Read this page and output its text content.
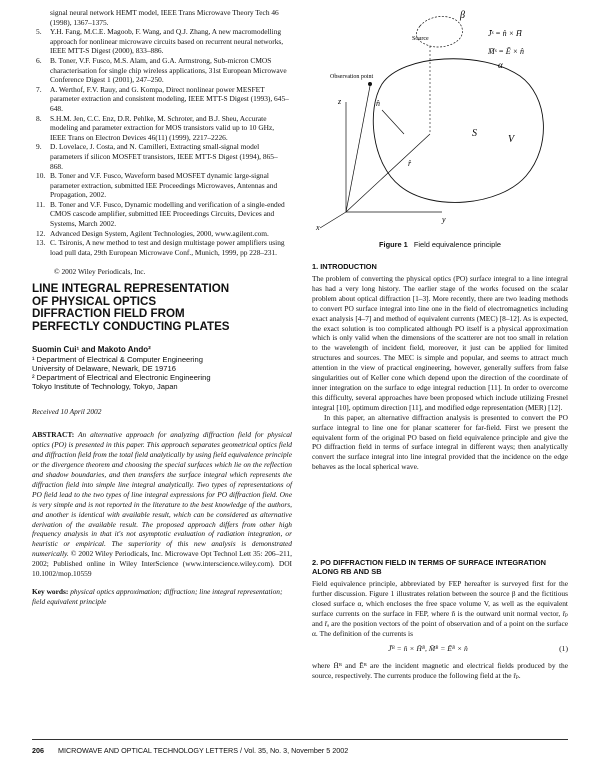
signal neural network HEMT model, IEEE Trans Microwave Theory Tech 46 (1998), 1367–1375.
5.	Y.H. Fang, M.C.E. Magoob, F. Wang, and Q.J. Zhang, A new macromodelling approach for nonlinear microwave circuits based on recurrent neural networks, IEEE MTT-S Digest (2000), 833–886.
6.	B. Toner, V.F. Fusco, M.S. Alam, and G.A. Armstrong, Sub-micron CMOS characterisation for single chip wireless applications, 31st European Microwave Conference Digest 1 (2001), 247–250.
7.	A. Werthof, F.V. Rauy, and G. Kompa, Direct nonlinear power MESFET parameter extraction and consistent modeling, IEEE MTT-S Digest (1993), 645–648.
8.	S.H.M. Jen, C.C. Enz, D.R. Pehlke, M. Schroter, and B.J. Sheu, Accurate modeling and parameter extraction for MOS transistors valid up to 10 GHz, IEEE Trans on Electron Devices 46(11) (1999), 2217–2226.
9.	D. Lovelace, J. Costa, and N. Camilleri, Extracting small-signal model parameters if silicon MOSFET transistors, IEEE MTT-S Digest (1994), 865–868.
10. B. Toner and V.F. Fusco, Waveform based MOSFET dynamic large-signal parameter extraction, submitted IEE Proceedings Microwaves, Antennas and Propagation, 2002.
11. B. Toner and V.F. Fusco, Dynamic modelling and verification of a single-ended CMOS cascode amplifier, submitted IEE Proceedings Circuits, Devices and Systems, March 2002.
12. Advanced Design System, Agilent Technologies, 2000, www.agilent.com.
13. C. Tsironis, A new method to test and design multistage power amplifiers using load pull data, 29th European Microwave Conf., Munich, 1999, pp 228–231.
© 2002 Wiley Periodicals, Inc.

LINE INTEGRAL REPRESENTATION

OF PHYSICAL OPTICS

DIFFRACTION FIELD FROM

PERFECTLY CONDUCTING PLATES

Suomin Cui¹ and Makoto Ando²
¹ Department of Electrical & Computer Engineering
University of Delaware, Newark, DE 19716
² Department of Electrical and Electronic Engineering
Tokyo Institute of Technology, Tokyo, Japan
Received 10 April 2002
ABSTRACT: An alternative approach for analyzing diffraction field for physical optics (PO) is presented in this paper. This approach separates geometrical optics field and diffraction field from the total field analytically by using field equivalence principle or the divergence theorem and choosing the special surfaces which lie on the reflection and shadow boundaries, and then transfers the surface integral which represents the diffraction field into simple line integral analytically. Two types of representations of PO field lead to the two types of line integral expressions for PO diffraction field. One is very simple and is not reported in the literature to the best knowledge of the authors, and another is identical with available result, which can be considered as alternative derivation of the available result. The proposed approach differs from other high frequency analysis in that it's not asymptotic evaluation of radiation integration, or heuristic or empirical. The superiority of this new analysis is demonstrated numerically. © 2002 Wiley Periodicals, Inc. Microwave Opt Technol Lett 35: 206–211, 2002; Published online in Wiley InterScience (www.interscience.wiley.com). DOI 10.1002/mop.10559
Key words: physical optics approximation; diffraction; line integral representation; field equivalent principle
β
Source
Observation point
α
n̂
S
V
r̂
x
y
z
J̄ˢ = n̂ × H̄
M̄ˢ = Ē × n̂
Figure 1 Field equivalence principle

1. INTRODUCTION

The problem of converting the physical optics (PO) surface integral to a line integral has had a very long history. The earlier stage of the works focused on the scalar problem about optical diffraction [1–3]. More recently, there are two leading methods to convert PO surface integral into line one in the field of electromagnetics including exact analysis [4–7] and method of equivalent currents (MEC) [8–12]. As is expected, the exact solution is too complicated although PO itself is a physical approximation which is only valid when the dimensions of the scatterer are not too small in relation to the wavelength of incident field, moreover, it just can be applied for limited structures and sources. The MEC is simple and popular, and seems to attract much attention in the view of practical engineering, however, generally suffers from false singularities out of Keller cone which depend upon the direction of the coordinate of inner integration on the surface to edge integral reduction [11]. In order to overcome this difficulty, several approaches have been proposed which include utilizing Fresnel integral [10], optimum direction [11], and modified edge representation (MER) [12].

In this paper, an alternative diffraction analysis is presented to convert the PO surface integral to line one for planar scatterer for far-field. First we present the equivalent form of the original PO based on field equivalence principle and give the PO diffraction field in terms of surface integral in different ways; then analytically convert the surface integral into line integral provided that the incidence on the edge behaves as the local spherical wave.

2. PO DIFFRACTION FIELD IN TERMS OF SURFACE INTEGRATION ALONG RB AND SB

Field equivalence principle, abbreviated by FEP hereafter is surveyed first for the further discussion. Figure 1 illustrates relation between the source β and the fictitious closed surface α, which encloses the free space volume V, as well as the equivalent surface currents on the surface in FEP, where n̂ is the outward unit normal vector, r̄ₚ and r̄ₐ are the position vectors of the point of observation and of a point on the surface α. The definition of the currents is

J̄ᴮ = n̂ × H̄ᴮ, M̄ᴮ = Ēᴮ × n̂	(1)

where H̄ᴮ and Ēᴮ are the incident magnetic and electrical fields produced by the source, respectively. The currents produce the following field at the r̄ₚ.

206 MICROWAVE AND OPTICAL TECHNOLOGY LETTERS / Vol. 35, No. 3, November 5 2002
